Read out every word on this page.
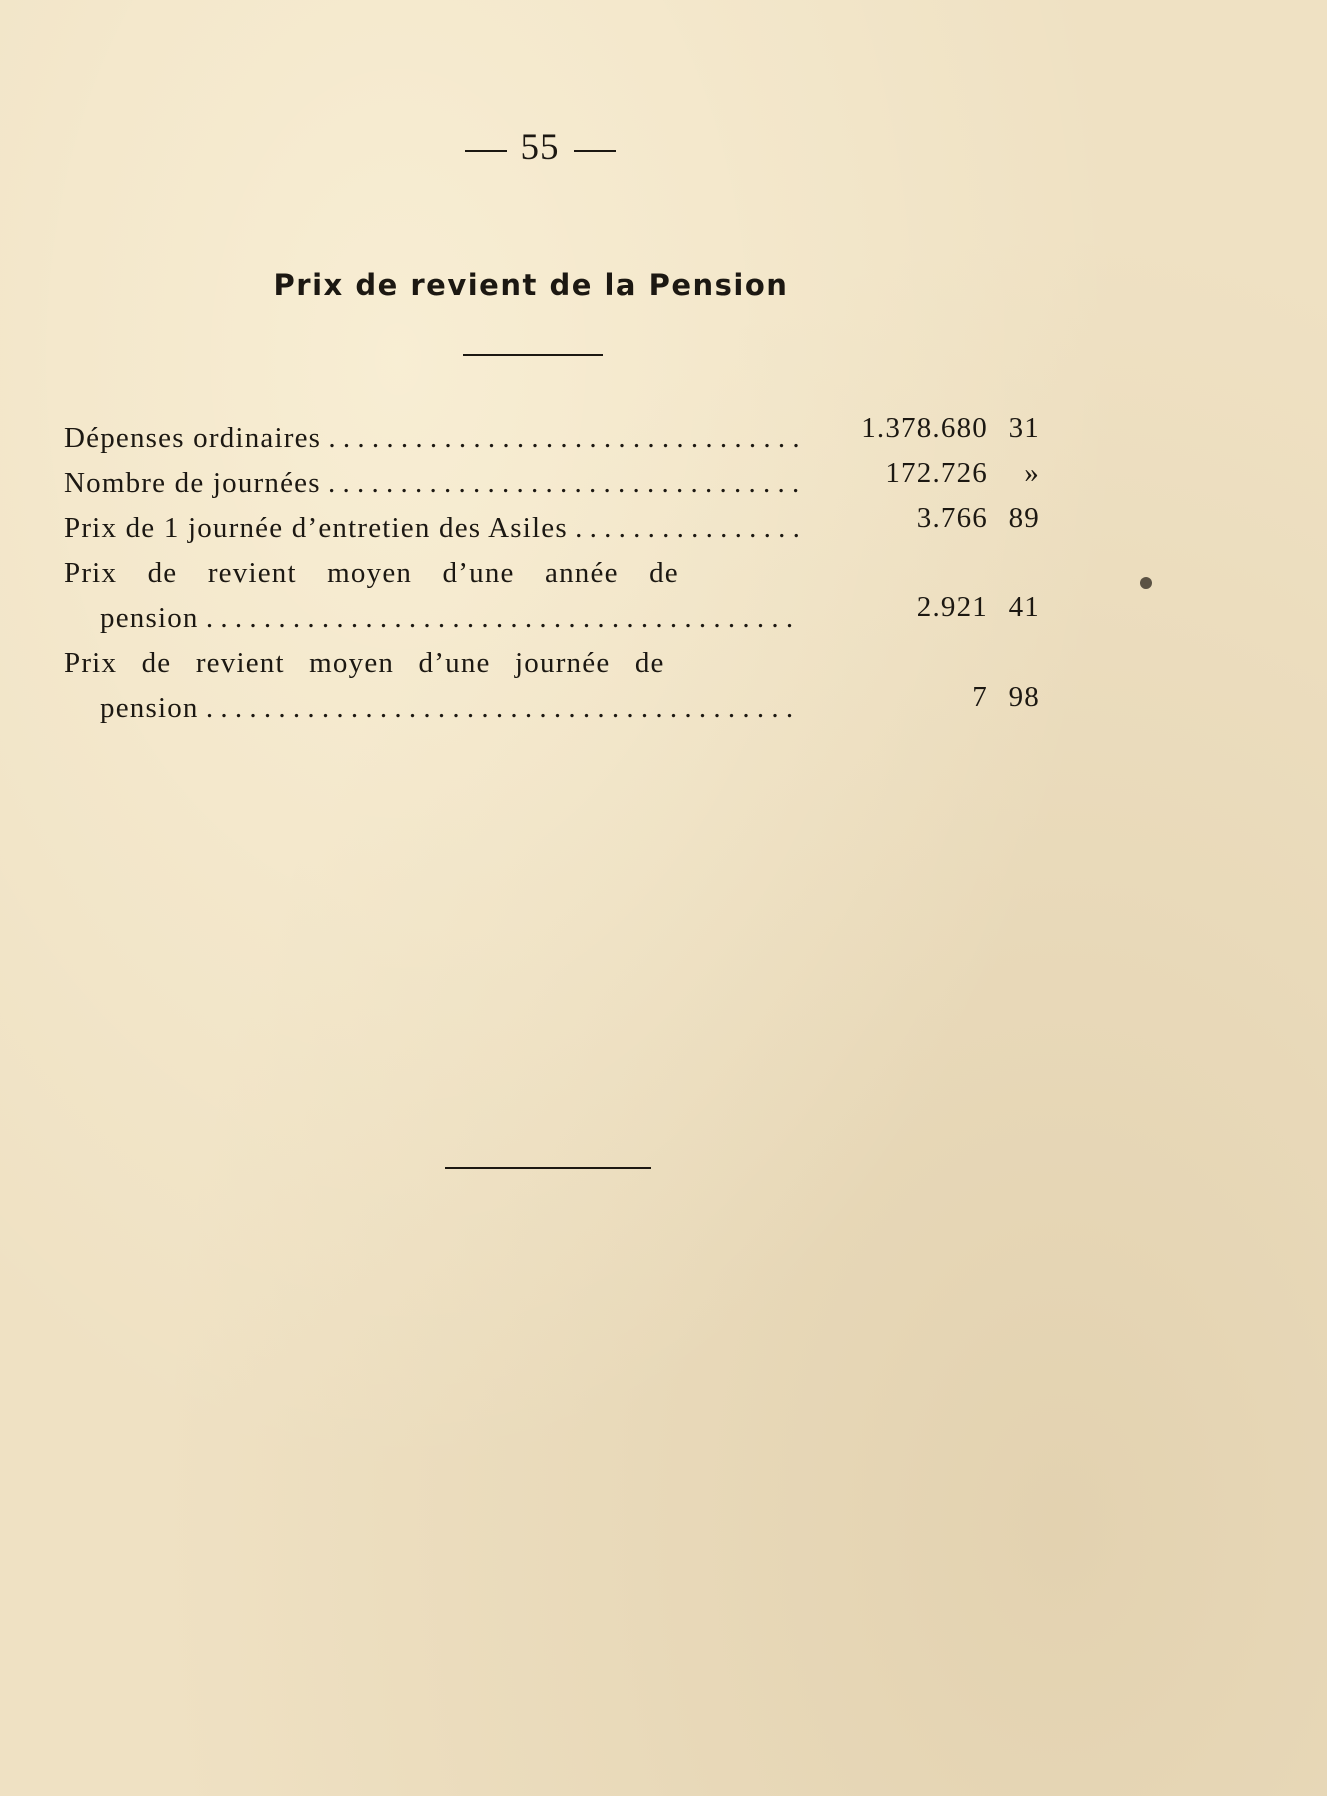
55
Prix de revient de la Pension
Dépenses ordinaires . . .	1.378.680 31
Nombre de journées . . .	172.726 »
Prix de 1 journée d’entretien des Asiles . . .	3.766 89
Prix de revient moyen d’une année de
pension . . .	2.921 41
Prix de revient moyen d’une journée de
pension . . .	7 98
